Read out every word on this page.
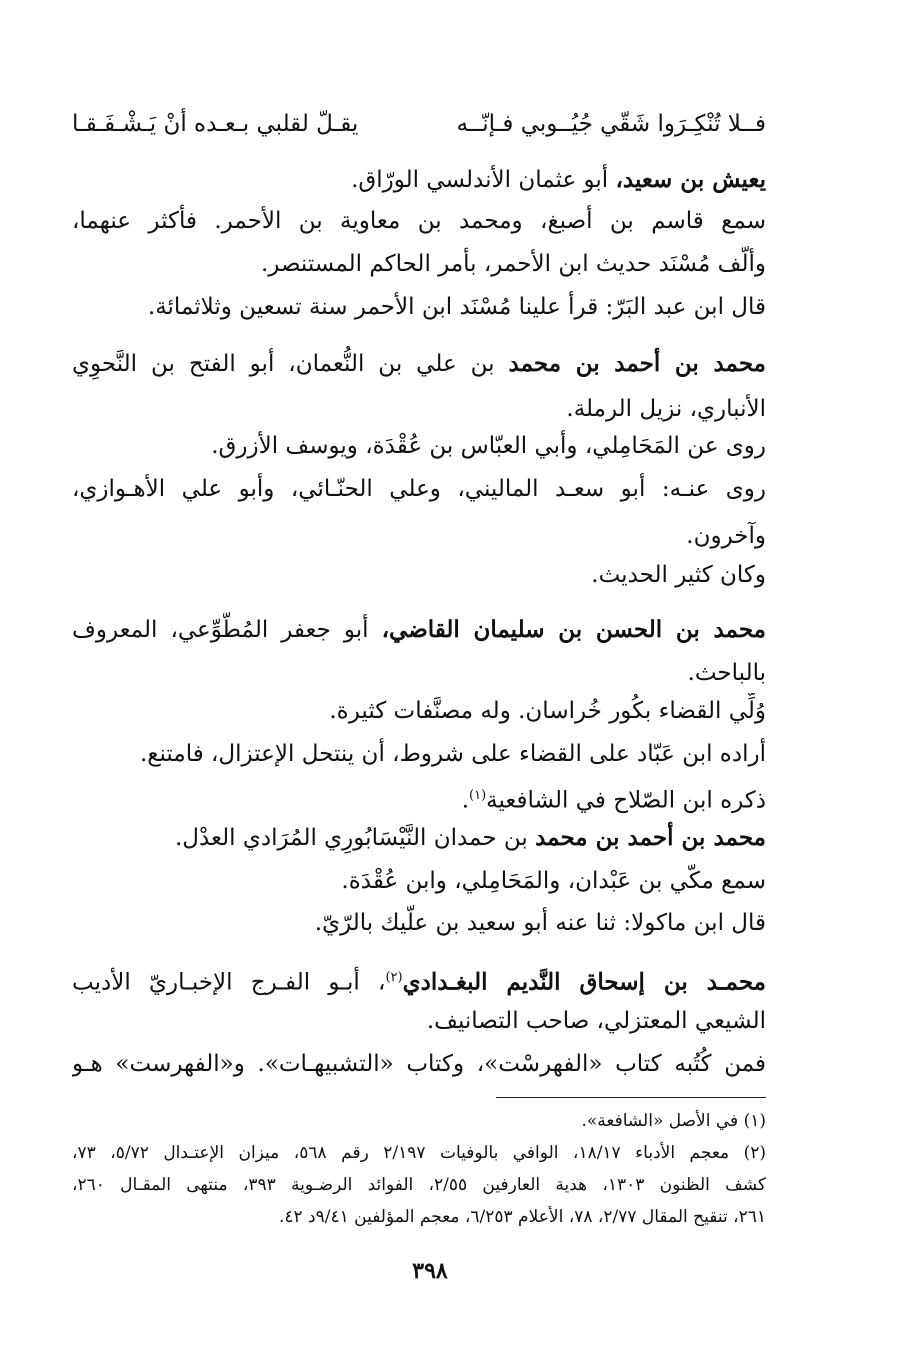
فــلا تُنْكِـرَوا شَقّي جُيُــوبي فـإنّــه
يقـلّ لقلبي بـعـده أنْ يَـشْـفَـقـا
يعيش بن سعيد، أبو عثمان الأندلسي الورّاق.
سمع قاسم بن أصبغ، ومحمد بن معاوية بن الأحمر. فأكثر عنهما،
وألّف مُسْنَد حديث ابن الأحمر، بأمر الحاكم المستنصر.
قال ابن عبد البَرّ: قرأ علينا مُسْنَد ابن الأحمر سنة تسعين وثلاثمائة.
محمد بن أحمد بن محمد بن علي بن النُّعمان، أبو الفتح بن النَّحوِي
الأنباري، نزيل الرملة.
روى عن المَحَامِلي، وأبي العبّاس بن عُقْدَة، ويوسف الأزرق.
روى عنـه: أبو سعـد الماليني، وعلي الحنّـائي، وأبو علي الأهـوازي،
وآخرون.
وكان كثير الحديث.
محمد بن الحسن بن سليمان القاضي، أبو جعفر المُطّوِّعي، المعروف
بالباحث.
وُلِّي القضاء بكُور خُراسان. وله مصنَّفات كثيرة.
أراده ابن عَبّاد على القضاء على شروط، أن ينتحل الإعتزال، فامتنع.
ذكره ابن الصّلاح في الشافعية$^{(١)}$.
محمد بن أحمد بن محمد بن حمدان النَّيْسَابُورِي المُرَادي العدْل.
سمع مكّي بن عَبْدان، والمَحَامِلي، وابن عُقْدَة.
قال ابن ماكولا: ثنا عنه أبو سعيد بن علَّيك بالرّيّ.
محمـد بن إسحاق النَّديم البغـدادي$^{(٢)}$، أبـو الفـرج الإخبـاريّ الأديب
الشيعي المعتزلي، صاحب التصانيف.
فمن كُتُبه كتاب «الفهرسْت»، وكتاب «التشبيهـات». و«الفهرست» هـو
(١) في الأصل «الشافعة».
(٢) معجم الأدباء ١٨/١٧، الوافي بالوفيات ٢/١٩٧ رقم ٥٦٨، ميزان الإعتـدال ٥/٧٢، ٧٣،
كشف الظنون ١٣٠٣، هدية العارفين ٢/٥٥، الفوائد الرضـوية ٣٩٣، منتهى المقـال ٢٦٠،
٢٦١، تنقيح المقال ٢/٧٧، ٧٨، الأعلام ٦/٢٥٣، معجم المؤلفين ٩/٤١د ٤٢.
٣٩٨
